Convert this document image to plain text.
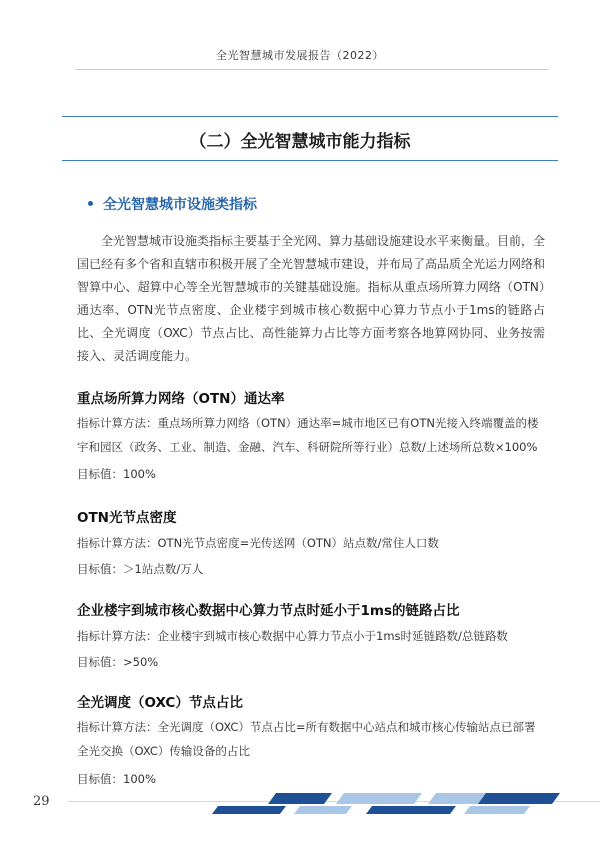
全光智慧城市发展报告（2022）
（二）全光智慧城市能力指标
全光智慧城市设施类指标

全光智慧城市设施类指标主要基于全光网、算力基础设施建设水平来衡量。目前，全国已经有多个省和直辖市积极开展了全光智慧城市建设，并布局了高品质全光运力网络和智算中心、超算中心等全光智慧城市的关键基础设施。指标从重点场所算力网络（OTN）通达率、OTN光节点密度、企业楼宇到城市核心数据中心算力节点小于1ms的链路占比、全光调度（OXC）节点占比、高性能算力占比等方面考察各地算网协同、业务按需接入、灵活调度能力。

重点场所算力网络（OTN）通达率

指标计算方法：重点场所算力网络（OTN）通达率=城市地区已有OTN光接入终端覆盖的楼宇和园区（政务、工业、制造、金融、汽车、科研院所等行业）总数/上述场所总数×100%

目标值：100%

OTN光节点密度

指标计算方法：OTN光节点密度=光传送网（OTN）站点数/常住人口数

目标值：＞1站点数/万人

企业楼宇到城市核心数据中心算力节点时延小于1ms的链路占比

指标计算方法：企业楼宇到城市核心数据中心算力节点小于1ms时延链路数/总链路数

目标值：>50%

全光调度（OXC）节点占比

指标计算方法：全光调度（OXC）节点占比=所有数据中心站点和城市核心传输站点已部署全光交换（OXC）传输设备的占比

目标值：100%

29
